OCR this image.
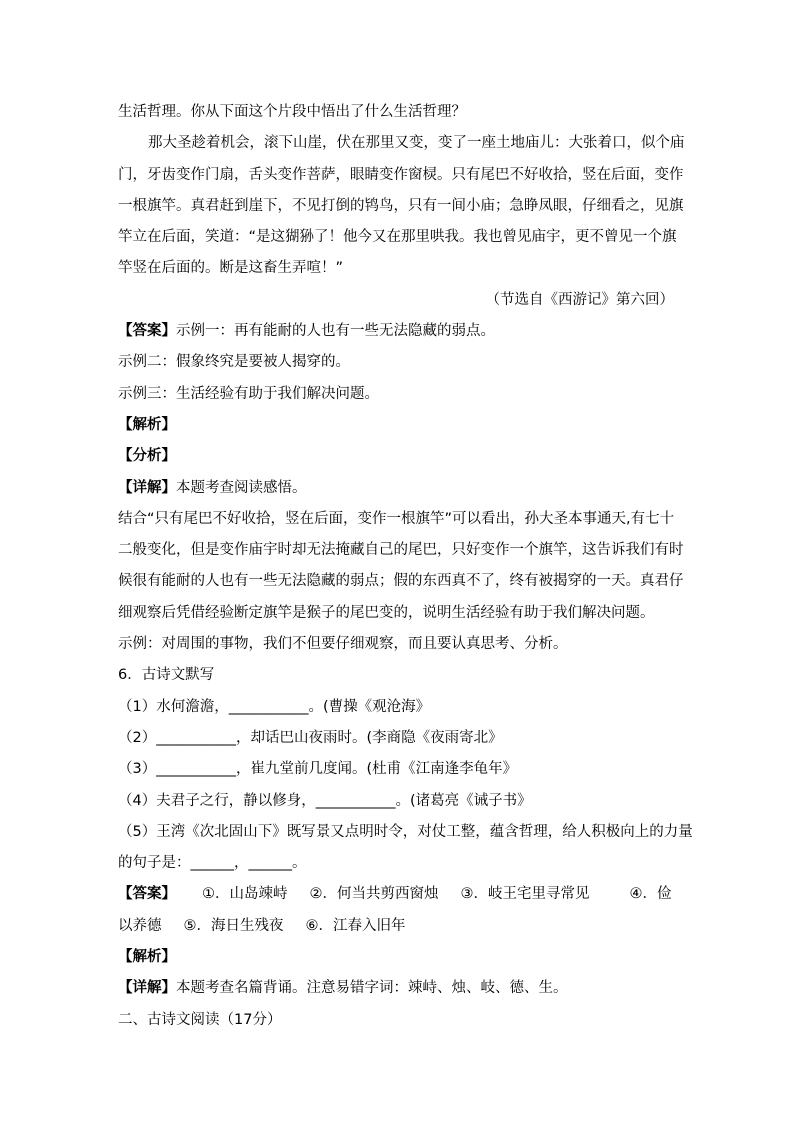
生活哲理。你从下面这个片段中悟出了什么生活哲理？
那大圣趁着机会，滚下山崖，伏在那里又变，变了一座土地庙儿：大张着口，似个庙
门，牙齿变作门扇，舌头变作菩萨，眼睛变作窗棂。只有尾巴不好收拾，竖在后面，变作
一根旗竿。真君赶到崖下，不见打倒的鸨鸟，只有一间小庙；急睁凤眼，仔细看之，见旗
竿立在后面，笑道：“是这猢狲了！他今又在那里哄我。我也曾见庙宇，更不曾见一个旗
竿竖在后面的。断是这畜生弄喧！”
（节选自《西游记》第六回）
【答案】示例一：再有能耐的人也有一些无法隐藏的弱点。
示例二：假象终究是要被人揭穿的。
示例三：生活经验有助于我们解决问题。
【解析】
【分析】
【详解】本题考查阅读感悟。
结合“只有尾巴不好收拾，竖在后面，变作一根旗竿”可以看出，孙大圣本事通天,有七十
二般变化，但是变作庙宇时却无法掩藏自己的尾巴，只好变作一个旗竿，这告诉我们有时
候很有能耐的人也有一些无法隐藏的弱点；假的东西真不了，终有被揭穿的一天。真君仔
细观察后凭借经验断定旗竿是猴子的尾巴变的，说明生活经验有助于我们解决问题。
示例：对周围的事物，我们不但要仔细观察，而且要认真思考、分析。
6．古诗文默写
（1）水何澹澹，___________。(曹操《观沧海》
（2）___________，却话巴山夜雨时。(李商隐《夜雨寄北》
（3）___________，崔九堂前几度闻。(杜甫《江南逢李龟年》
（4）夫君子之行，静以修身，___________。(诸葛亮《诫子书》
（5）王湾《次北固山下》既写景又点明时令，对仗工整，蕴含哲理，给人积极向上的力量
的句子是：______，______。
【答案】 ①．山岛竦峙 ②．何当共剪西窗烛 ③．岐王宅里寻常见	④．俭
以养德 ⑤．海日生残夜 ⑥．江春入旧年
【解析】
【详解】本题考查名篇背诵。注意易错字词：竦峙、烛、岐、德、生。
二、古诗文阅读（17分）
